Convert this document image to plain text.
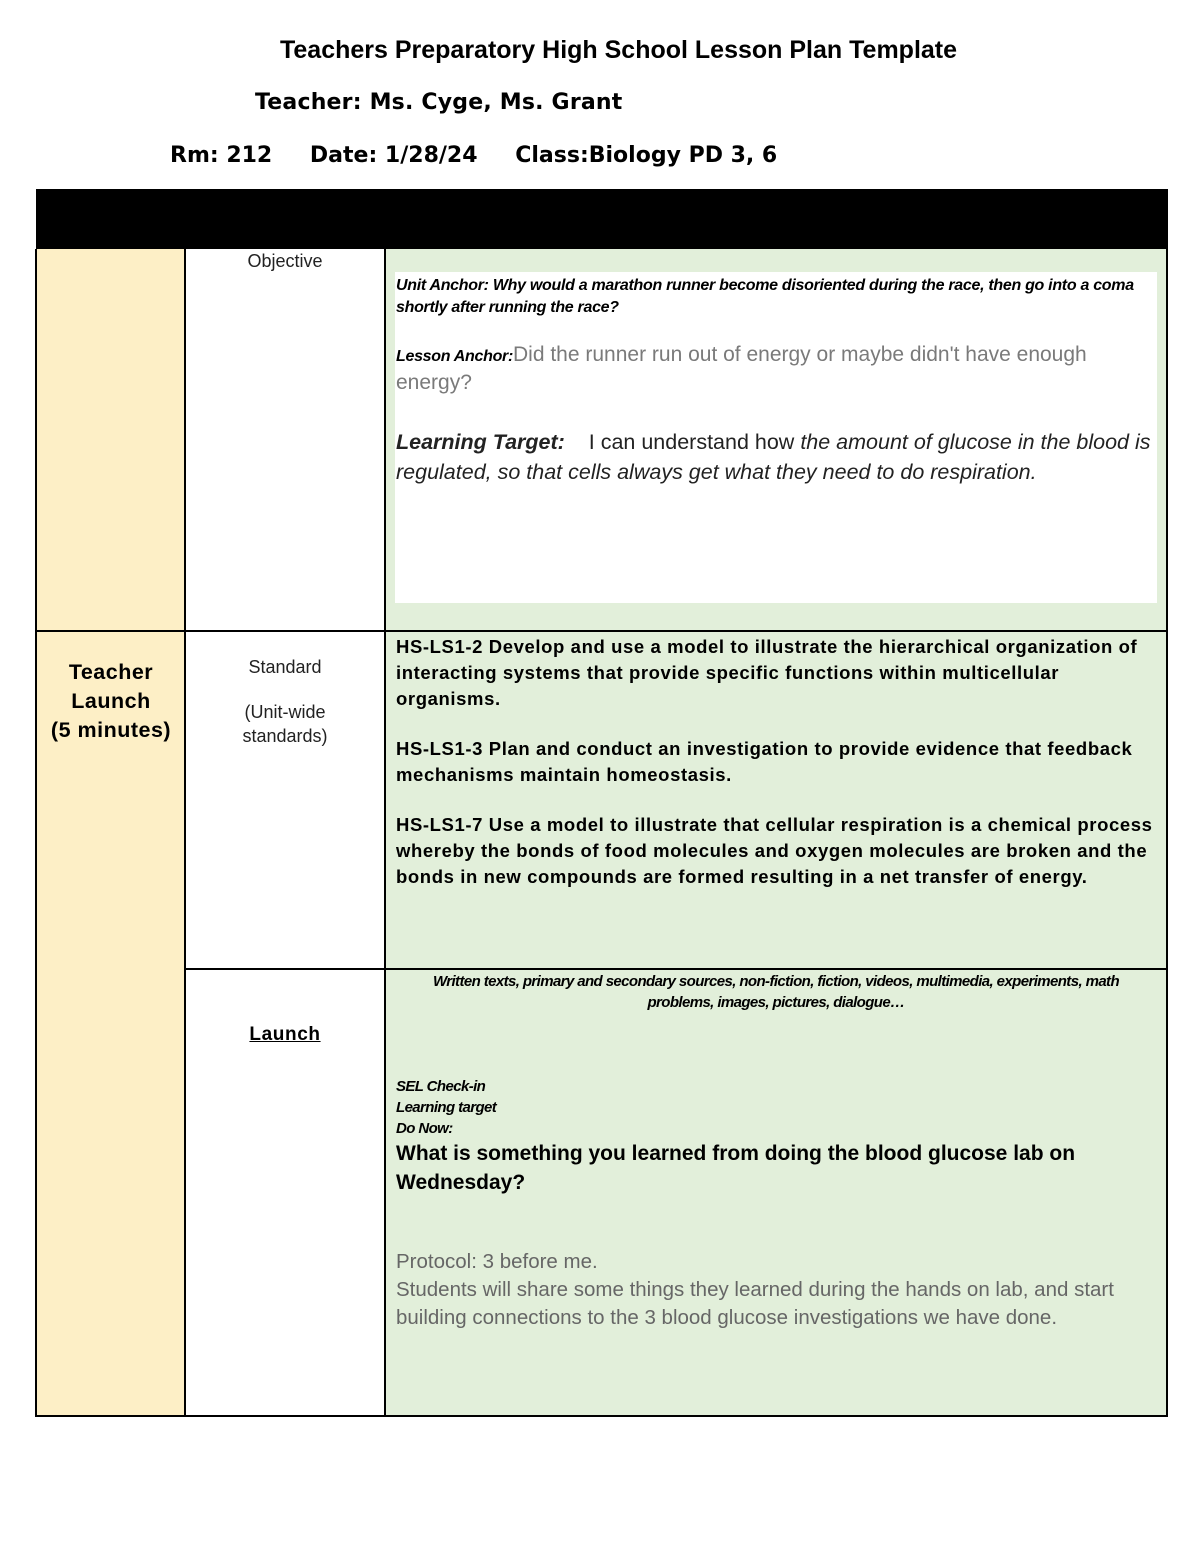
Teachers Preparatory High School Lesson Plan Template
Teacher: Ms. Cyge, Ms. Grant
Rm: 212 Date: 1/28/24 Class:Biology PD 3, 6
Teacher
Launch
(5 minutes)
Objective
Unit Anchor: Why would a marathon runner become disoriented during the race, then go into a coma shortly after running the race?
Lesson Anchor:Did the runner run out of energy or maybe didn't have enough energy?
Learning Target: I can understand how the amount of glucose in the blood is regulated, so that cells always get what they need to do respiration.
Standard
(Unit-wide standards)
HS-LS1-2 Develop and use a model to illustrate the hierarchical organization of interacting systems that provide specific functions within multicellular organisms.
HS-LS1-3 Plan and conduct an investigation to provide evidence that feedback mechanisms maintain homeostasis.
HS-LS1-7 Use a model to illustrate that cellular respiration is a chemical process whereby the bonds of food molecules and oxygen molecules are broken and the bonds in new compounds are formed resulting in a net transfer of energy.
Launch
Written texts, primary and secondary sources, non-fiction, fiction, videos, multimedia, experiments, math problems, images, pictures, dialogue…
SEL Check-in
Learning target
Do Now:
What is something you learned from doing the blood glucose lab on Wednesday?
Protocol: 3 before me.
Students will share some things they learned during the hands on lab, and start building connections to the 3 blood glucose investigations we have done.
